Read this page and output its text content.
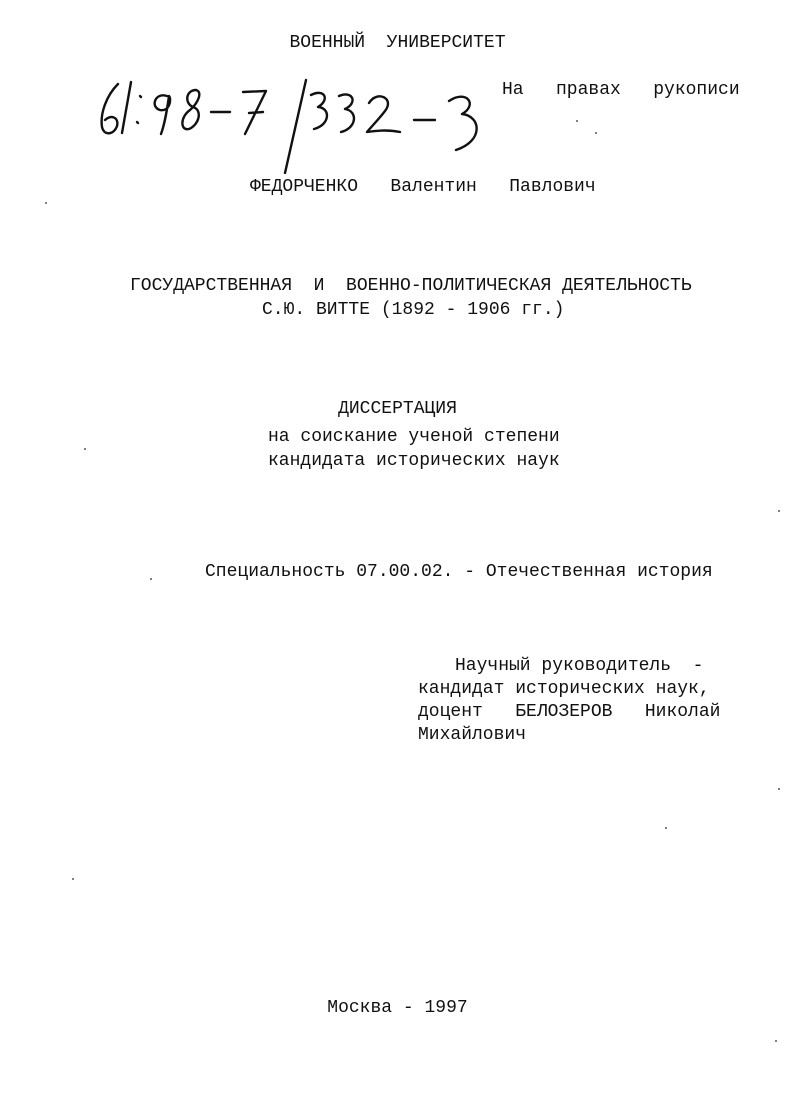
ВОЕННЫЙ  УНИВЕРСИТЕТ
На   правах   рукописи
ФЕДОРЧЕНКО   Валентин   Павлович
ГОСУДАРСТВЕННАЯ  И  ВОЕННО-ПОЛИТИЧЕСКАЯ ДЕЯТЕЛЬНОСТЬ
С.Ю. ВИТТЕ (1892 - 1906 гг.)
ДИССЕРТАЦИЯ
на соискание ученой степени
кандидата исторических наук
Специальность 07.00.02. - Отечественная история
Научный руководитель  -
кандидат исторических наук,
доцент   БЕЛОЗЕРОВ   Николай
Михайлович
Москва - 1997
